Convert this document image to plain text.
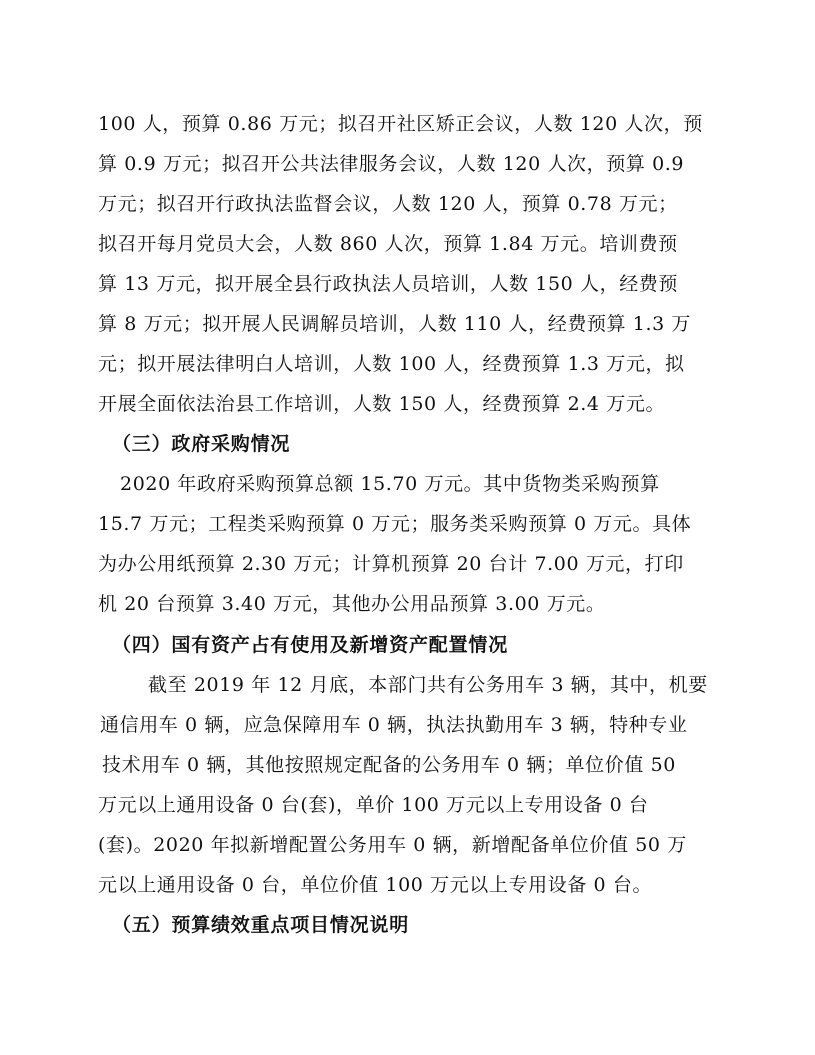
100 人，预算 0.86 万元；拟召开社区矫正会议，人数 120 人次，预
算 0.9 万元；拟召开公共法律服务会议，人数 120 人次，预算 0.9
万元；拟召开行政执法监督会议，人数 120 人，预算 0.78 万元；
拟召开每月党员大会，人数 860 人次，预算 1.84 万元。培训费预
算 13 万元，拟开展全县行政执法人员培训，人数 150 人，经费预
算 8 万元；拟开展人民调解员培训，人数 110 人，经费预算 1.3 万
元；拟开展法律明白人培训，人数 100 人，经费预算 1.3 万元，拟
开展全面依法治县工作培训，人数 150 人，经费预算 2.4 万元。
（三）政府采购情况
2020 年政府采购预算总额 15.70 万元。其中货物类采购预算
15.7 万元；工程类采购预算 0 万元；服务类采购预算 0 万元。具体
为办公用纸预算 2.30 万元；计算机预算 20 台计 7.00 万元，打印
机 20 台预算 3.40 万元，其他办公用品预算 3.00 万元。
（四）国有资产占有使用及新增资产配置情况
截至 2019 年 12 月底，本部门共有公务用车 3 辆，其中，机要
通信用车 0 辆，应急保障用车 0 辆，执法执勤用车 3 辆，特种专业
技术用车 0 辆，其他按照规定配备的公务用车 0 辆；单位价值 50
万元以上通用设备 0 台(套)，单价 100 万元以上专用设备 0 台
(套)。2020 年拟新增配置公务用车 0 辆，新增配备单位价值 50 万
元以上通用设备 0 台，单位价值 100 万元以上专用设备 0 台。
（五）预算绩效重点项目情况说明
